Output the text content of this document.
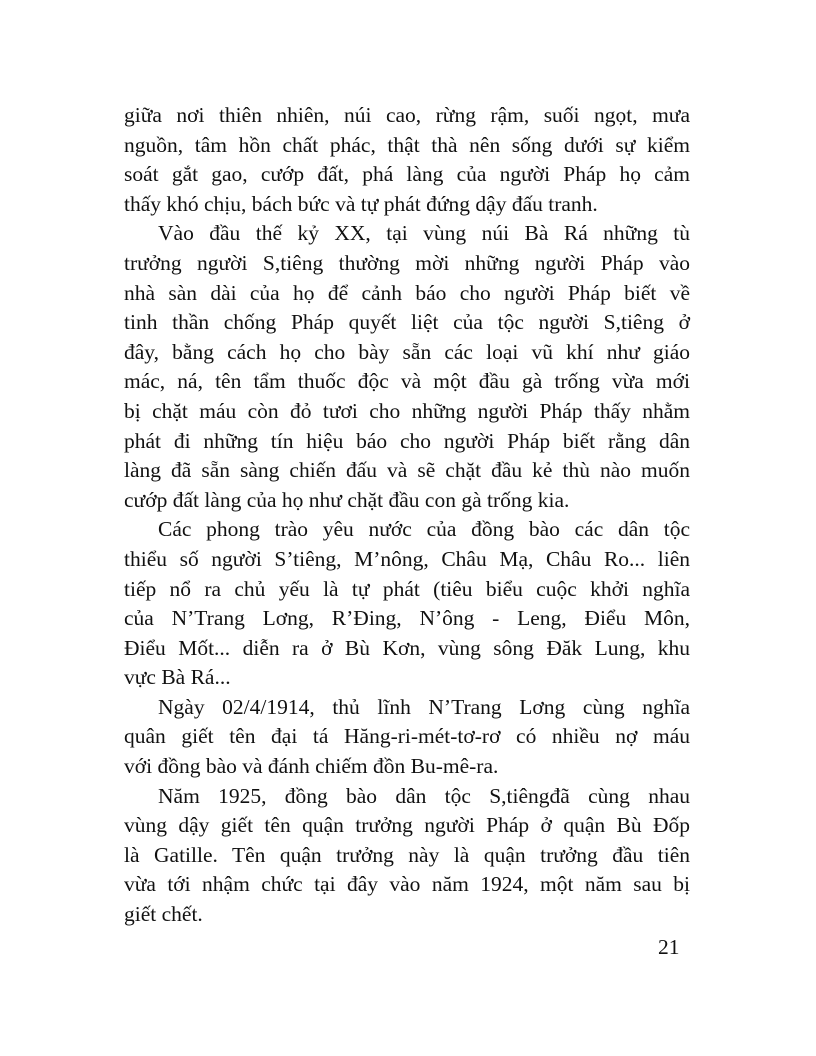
giữa nơi thiên nhiên, núi cao, rừng rậm, suối ngọt, mưa
nguồn, tâm hồn chất phác, thật thà nên sống dưới sự kiểm
soát gắt gao, cướp đất, phá làng của người Pháp họ cảm
thấy khó chịu, bách bức và tự phát đứng dậy đấu tranh.

Vào đầu thế kỷ XX, tại vùng núi Bà Rá những tù
trưởng người S,tiêng thường mời những người Pháp vào
nhà sàn dài của họ để cảnh báo cho người Pháp biết về
tinh thần chống Pháp quyết liệt của tộc người S,tiêng ở
đây, bằng cách họ cho bày sẵn các loại vũ khí như giáo
mác, ná, tên tẩm thuốc độc và một đầu gà trống vừa mới
bị chặt máu còn đỏ tươi cho những người Pháp thấy nhằm
phát đi những tín hiệu báo cho người Pháp biết rằng dân
làng đã sẵn sàng chiến đấu và sẽ chặt đầu kẻ thù nào muốn
cướp đất làng của họ như chặt đầu con gà trống kia.

Các phong trào yêu nước của đồng bào các dân tộc
thiểu số người S’tiêng, M’nông, Châu Mạ, Châu Ro... liên
tiếp nổ ra chủ yếu là tự phát (tiêu biểu cuộc khởi nghĩa
của N’Trang Lơng, R’Đing, N’ông - Leng, Điểu Môn,
Điểu Mốt... diễn ra ở Bù Kơn, vùng sông Đăk Lung, khu
vực Bà Rá...

Ngày 02/4/1914, thủ lĩnh N’Trang Lơng cùng nghĩa
quân giết tên đại tá Hăng-ri-mét-tơ-rơ có nhiều nợ máu
với đồng bào và đánh chiếm đồn Bu-mê-ra.

Năm 1925, đồng bào dân tộc S,tiêngđã cùng nhau
vùng dậy giết tên quận trưởng người Pháp ở quận Bù Đốp
là Gatille. Tên quận trưởng này là quận trưởng đầu tiên
vừa tới nhậm chức tại đây vào năm 1924, một năm sau bị
giết chết.

21
